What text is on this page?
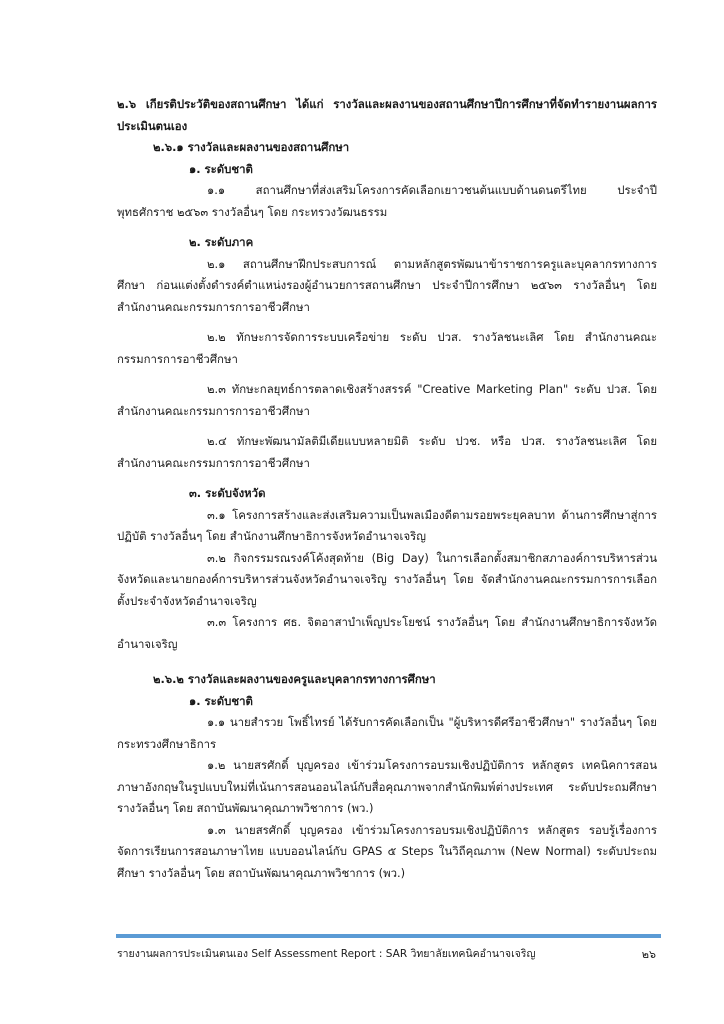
๒.๖ เกียรติประวัติของสถานศึกษา ได้แก่ รางวัลและผลงานของสถานศึกษาปีการศึกษาที่จัดทำรายงานผลการประเมินตนเอง
๒.๖.๑ รางวัลและผลงานของสถานศึกษา
๑. ระดับชาติ
๑.๑ สถานศึกษาที่ส่งเสริมโครงการคัดเลือกเยาวชนต้นแบบด้านดนตรีไทย ประจำปีพุทธศักราช ๒๕๖๓ รางวัลอื่นๆ โดย กระทรวงวัฒนธรรม
๒. ระดับภาค
๒.๑ สถานศึกษาฝึกประสบการณ์ ตามหลักสูตรพัฒนาข้าราชการครูและบุคลากรทางการศึกษา ก่อนแต่งตั้งดำรงค์ตำแหน่งรองผู้อำนวยการสถานศึกษา ประจำปีการศึกษา ๒๕๖๓ รางวัลอื่นๆ โดย สำนักงานคณะกรรมการการอาชีวศึกษา
๒.๒ ทักษะการจัดการระบบเครือข่าย ระดับ ปวส. รางวัลชนะเลิศ โดย สำนักงานคณะกรรมการการอาชีวศึกษา
๒.๓ ทักษะกลยุทธ์การตลาดเชิงสร้างสรรค์ "Creative Marketing Plan" ระดับ ปวส. โดย สำนักงานคณะกรรมการการอาชีวศึกษา
๒.๔ ทักษะพัฒนามัลติมีเดียแบบหลายมิติ ระดับ ปวช. หรือ ปวส. รางวัลชนะเลิศ โดย สำนักงานคณะกรรมการการอาชีวศึกษา
๓. ระดับจังหวัด
๓.๑ โครงการสร้างและส่งเสริมความเป็นพลเมืองดีตามรอยพระยุคลบาท ด้านการศึกษาสู่การปฏิบัติ รางวัลอื่นๆ โดย สำนักงานศึกษาธิการจังหวัดอำนาจเจริญ
๓.๒ กิจกรรมรณรงค์โค้งสุดท้าย (Big Day) ในการเลือกตั้งสมาชิกสภาองค์การบริหารส่วนจังหวัดและนายกองค์การบริหารส่วนจังหวัดอำนาจเจริญ รางวัลอื่นๆ โดย จัดสำนักงานคณะกรรมการการเลือกตั้งประจำจังหวัดอำนาจเจริญ
๓.๓ โครงการ ศธ. จิตอาสาบำเพ็ญประโยชน์ รางวัลอื่นๆ โดย สำนักงานศึกษาธิการจังหวัดอำนาจเจริญ
๒.๖.๒ รางวัลและผลงานของครูและบุคลากรทางการศึกษา
๑. ระดับชาติ
๑.๑ นายสำรวย โพธิ์ไทรย์ ได้รับการคัดเลือกเป็น "ผู้บริหารดีศรีอาชีวศึกษา" รางวัลอื่นๆ โดย กระทรวงศึกษาธิการ
๑.๒ นายสรศักดิ์ บุญครอง เข้าร่วมโครงการอบรมเชิงปฏิบัติการ หลักสูตร เทคนิคการสอนภาษาอังกฤษในรูปแบบใหม่ที่เน้นการสอนออนไลน์กับสื่อคุณภาพจากสำนักพิมพ์ต่างประเทศ ระดับประถมศึกษา รางวัลอื่นๆ โดย สถาบันพัฒนาคุณภาพวิชาการ (พว.)
๑.๓ นายสรศักดิ์ บุญครอง เข้าร่วมโครงการอบรมเชิงปฏิบัติการ หลักสูตร รอบรู้เรื่องการจัดการเรียนการสอนภาษาไทย แบบออนไลน์กับ GPAS ๕ Steps ในวิถีคุณภาพ (New Normal) ระดับประถมศึกษา รางวัลอื่นๆ โดย สถาบันพัฒนาคุณภาพวิชาการ (พว.)
รายงานผลการประเมินตนเอง Self Assessment Report : SAR วิทยาลัยเทคนิคอำนาจเจริญ	๒๖
